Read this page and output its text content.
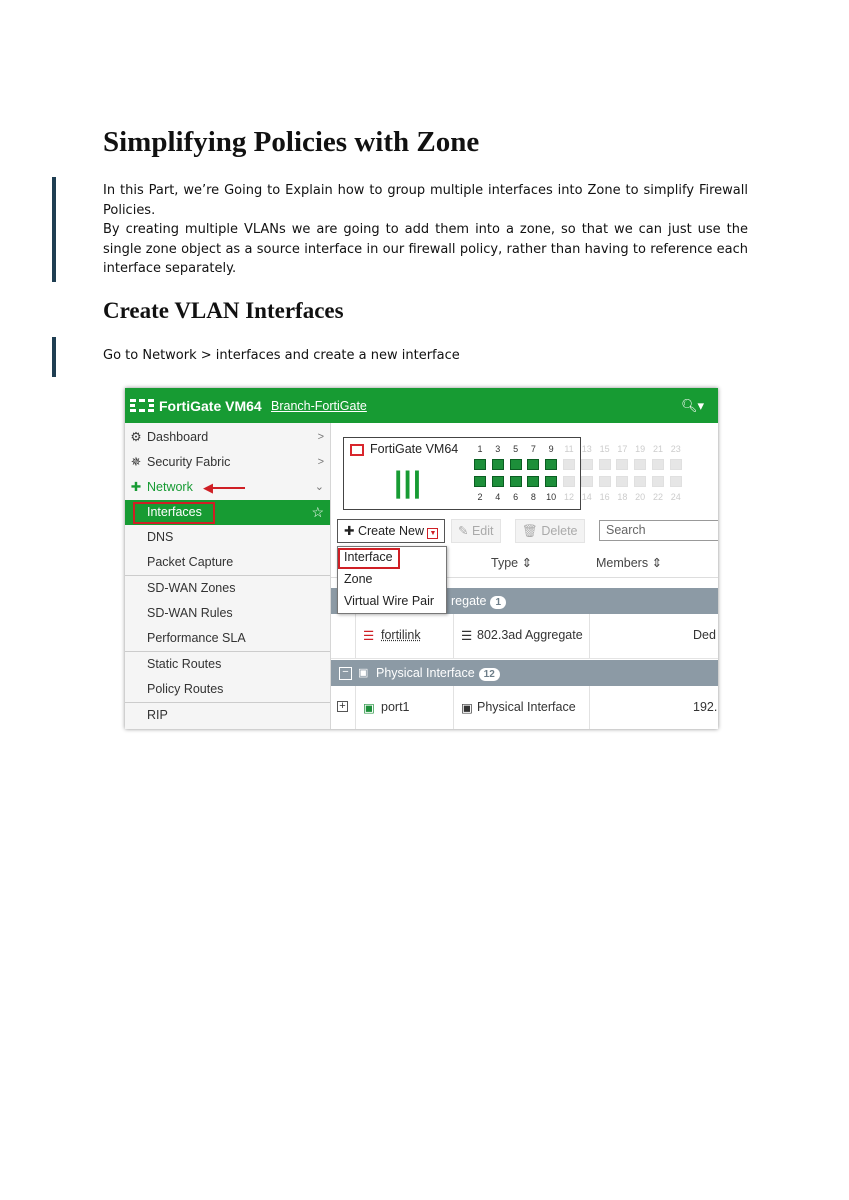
Simplifying Policies with Zone

In this Part, we’re Going to Explain how to group multiple interfaces into Zone to simplify Firewall Policies.

By creating multiple VLANs we are going to add them into a zone, so that we can just use the single zone object as a source interface in our firewall policy, rather than having to reference each interface separately.

Create VLAN Interfaces

Go to Network > interfaces and create a new interface

FortiGate VM64 Branch-FortiGate	🔍︎▾
⚙ Dashboard	>
✵ Security Fabric	>
✚ Network ◀	⌄
Interfaces	☆
DNS
Packet Capture
SD-WAN Zones
SD-WAN Rules
Performance SLA
Static Routes
Policy Routes
RIP
FortiGate VM64
|||
1	3	5	7	9	11 13 15 17 19 21 23
2	4	6	8	10 12 14 16 18 20 22 24
✚ Create New ▼	✎ Edit	🗑︎ Delete	Search
Type ⇕	Members ⇕
regate 1
☰ fortilink	☰ 802.3ad Aggregate	Ded
− ▣ Physical Interface 12
+ ▣ port1	▣ Physical Interface	192.
Interface
Zone
Virtual Wire Pair
